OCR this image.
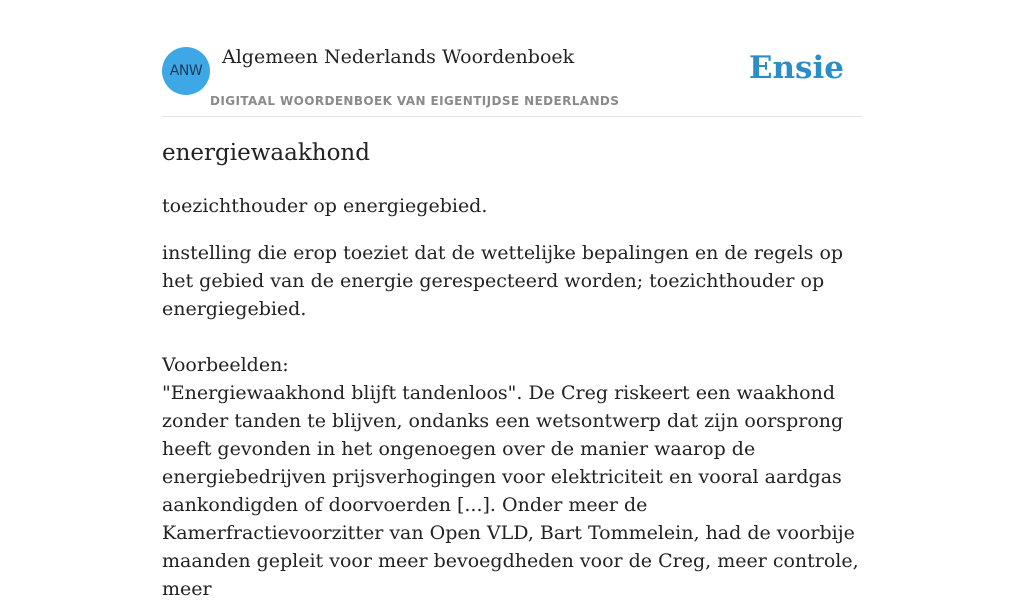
ANW
Algemeen Nederlands Woordenboek
DIGITAAL WOORDENBOEK VAN EIGENTIJDSE NEDERLANDS
Ensie
energiewaakhond
toezichthouder op energiegebied.

instelling die erop toeziet dat de wettelijke bepalingen en de regels op het gebied van de energie gerespecteerd worden; toezichthouder op energiegebied.

Voorbeelden:

"Energiewaakhond blijft tandenloos". De Creg riskeert een waakhond zonder tanden te blijven, ondanks een wetsontwerp dat zijn oorsprong heeft gevonden in het ongenoegen over de manier waarop de energiebedrijven prijsverhogingen voor elektriciteit en vooral aardgas aankondigden of doorvoerden [...]. Onder meer de Kamerfractievoorzitter van Open VLD, Bart Tommelein, had de voorbije maanden gepleit voor meer bevoegdheden voor de Creg, meer controle, meer
